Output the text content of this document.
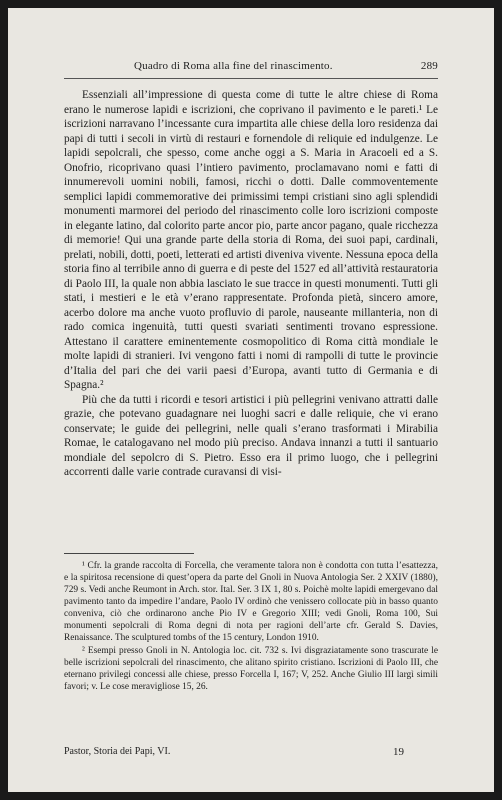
Quadro di Roma alla fine del rinascimento.	289

Essenziali all’impressione di questa come di tutte le altre chiese di Roma erano le numerose lapidi e iscrizioni, che coprivano il pavimento e le pareti.¹ Le iscrizioni narravano l’incessante cura impartita alle chiese della loro residenza dai papi di tutti i secoli in virtù di restauri e fornendole di reliquie ed indulgenze. Le lapidi sepolcrali, che spesso, come anche oggi a S. Maria in Aracoeli ed a S. Onofrio, ricoprivano quasi l’intiero pavimento, proclamavano nomi e fatti di innumerevoli uomini nobili, famosi, ricchi o dotti. Dalle commoventemente semplici lapidi commemorative dei primissimi tempi cristiani sino agli splendidi monumenti marmorei del periodo del rinascimento colle loro iscrizioni composte in elegante latino, dal colorito parte ancor pio, parte ancor pagano, quale ricchezza di memorie! Qui una grande parte della storia di Roma, dei suoi papi, cardinali, prelati, nobili, dotti, poeti, letterati ed artisti diveniva vivente. Nessuna epoca della storia fino al terribile anno di guerra e di peste del 1527 ed all’attività restauratoria di Paolo III, la quale non abbia lasciato le sue tracce in questi monumenti. Tutti gli stati, i mestieri e le età v’erano rappresentate. Profonda pietà, sincero amore, acerbo dolore ma anche vuoto profluvio di parole, nauseante millanteria, non di rado comica ingenuità, tutti questi svariati sentimenti trovano espressione. Attestano il carattere eminentemente cosmopolitico di Roma città mondiale le molte lapidi di stranieri. Ivi vengono fatti i nomi di rampolli di tutte le provincie d’Italia del pari che dei varii paesi d’Europa, avanti tutto di Germania e di Spagna.²

Più che da tutti i ricordi e tesori artistici i più pellegrini venivano attratti dalle grazie, che potevano guadagnare nei luoghi sacri e dalle reliquie, che vi erano conservate; le guide dei pellegrini, nelle quali s’erano trasformati i Mirabilia Romae, le catalogavano nel modo più preciso. Andava innanzi a tutti il santuario mondiale del sepolcro di S. Pietro. Esso era il primo luogo, che i pellegrini accorrenti dalle varie contrade curavansi di visi-

¹ Cfr. la grande raccolta di Forcella, che veramente talora non è condotta con tutta l’esattezza, e la spiritosa recensione di quest’opera da parte del Gnoli in Nuova Antologia Ser. 2 XXIV (1880), 729 s. Vedi anche Reumont in Arch. stor. Ital. Ser. 3 IX 1, 80 s. Poichè molte lapidi emergevano dal pavimento tanto da impedire l’andare, Paolo IV ordinò che venissero collocate più in basso quanto conveniva, ciò che ordinarono anche Pio IV e Gregorio XIII; vedi Gnoli, Roma 100, Sui monumenti sepolcrali di Roma degni di nota per ragioni dell’arte cfr. Gerald S. Davies, Renaissance. The sculptured tombs of the 15 century, London 1910.

² Esempi presso Gnoli in N. Antologia loc. cit. 732 s. Ivi disgraziatamente sono trascurate le belle iscrizioni sepolcrali del rinascimento, che alitano spirito cristiano. Iscrizioni di Paolo III, che eternano privilegi concessi alle chiese, presso Forcella I, 167; V, 252. Anche Giulio III largì simili favori; v. Le cose meravigliose 15, 26.

Pastor, Storia dei Papi, VI.	19
